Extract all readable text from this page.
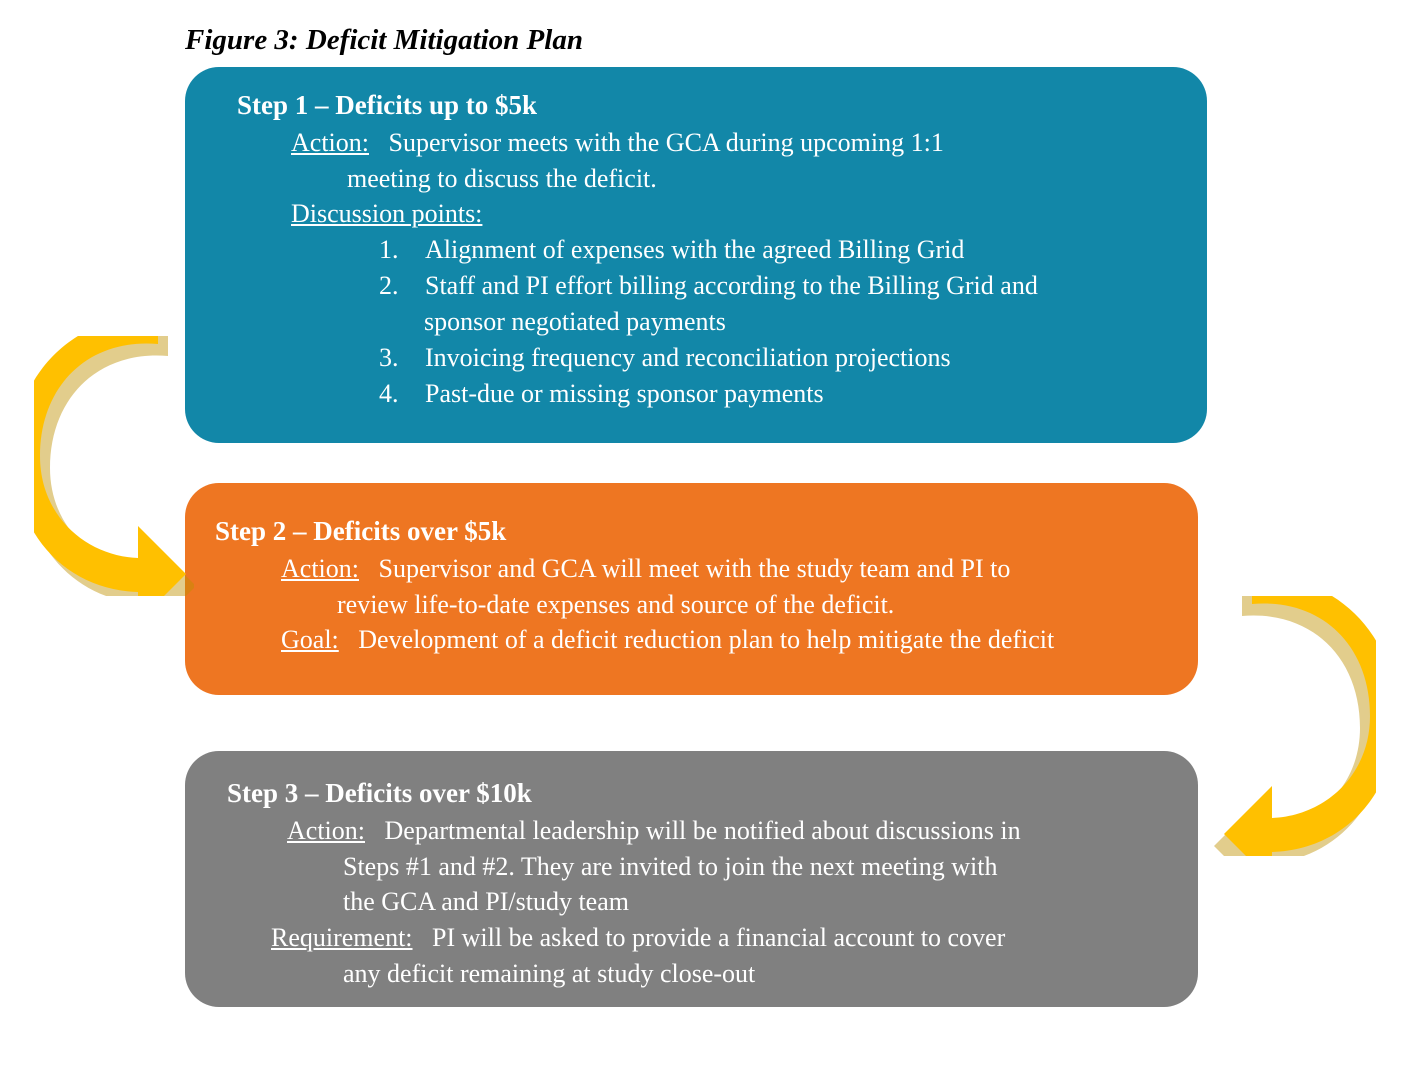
Figure 3: Deficit Mitigation Plan
Step 1 – Deficits up to $5k
Action: Supervisor meets with the GCA during upcoming 1:1
meeting to discuss the deficit.
Discussion points:
1. Alignment of expenses with the agreed Billing Grid
2. Staff and PI effort billing according to the Billing Grid and
sponsor negotiated payments
3. Invoicing frequency and reconciliation projections
4. Past-due or missing sponsor payments
Step 2 – Deficits over $5k
Action: Supervisor and GCA will meet with the study team and PI to
review life-to-date expenses and source of the deficit.
Goal: Development of a deficit reduction plan to help mitigate the deficit
Step 3 – Deficits over $10k
Action: Departmental leadership will be notified about discussions in
Steps #1 and #2. They are invited to join the next meeting with
the GCA and PI/study team
Requirement: PI will be asked to provide a financial account to cover
any deficit remaining at study close-out
